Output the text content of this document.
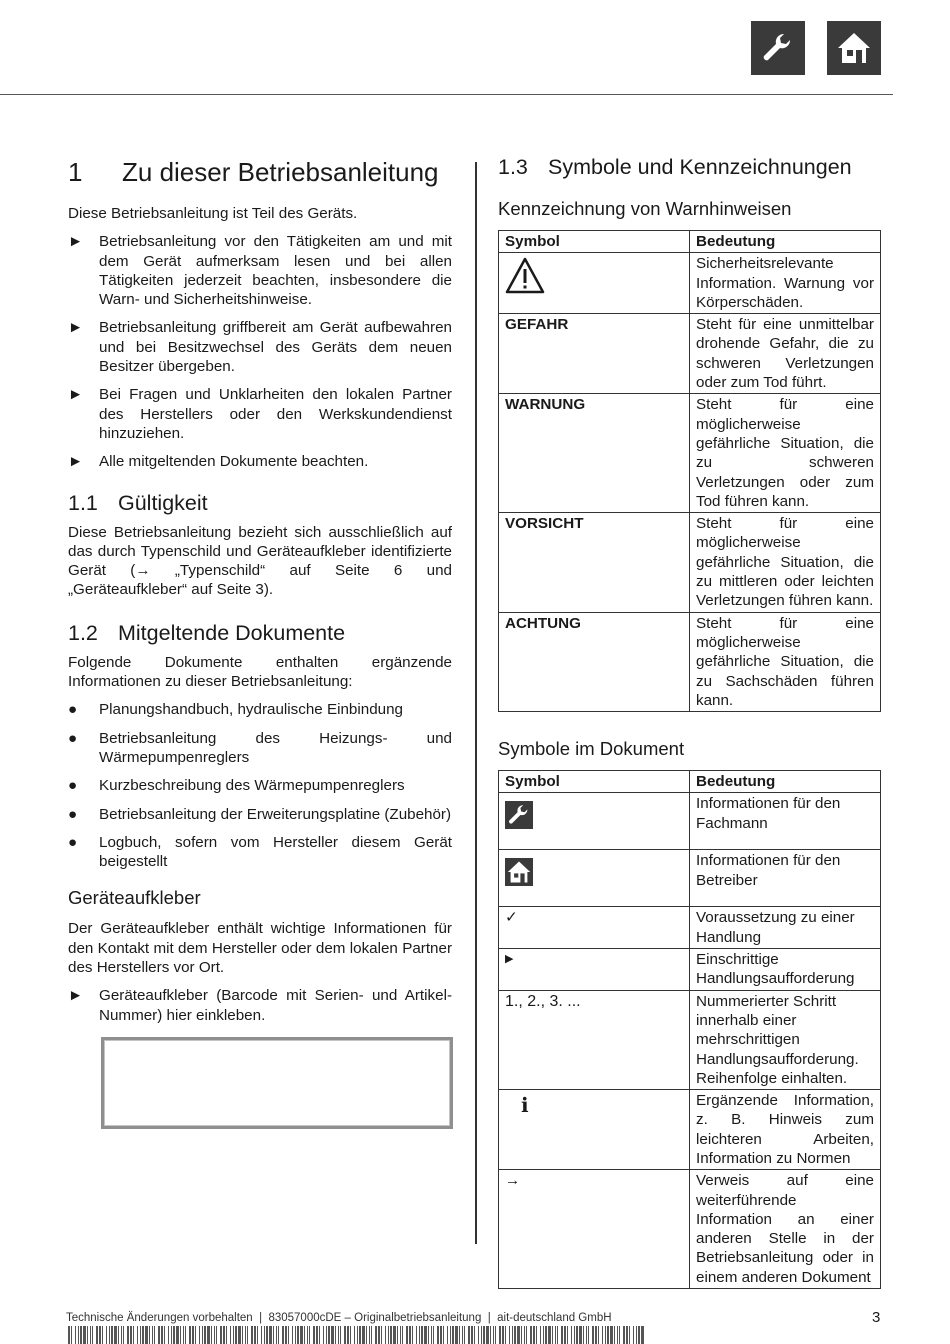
1	Zu dieser Betriebsanleitung

Diese Betriebsanleitung ist Teil des Geräts.

► Betriebsanleitung vor den Tätigkeiten am und mit dem Gerät aufmerksam lesen und bei allen Tätigkeiten jederzeit beachten, insbesondere die Warn- und Sicherheitshinweise.
► Betriebsanleitung griffbereit am Gerät aufbewahren und bei Besitzwechsel des Geräts dem neuen Besitzer übergeben.
► Bei Fragen und Unklarheiten den lokalen Partner des Herstellers oder den Werkskundendienst hinzuziehen.
► Alle mitgeltenden Dokumente beachten.
1.1 Gültigkeit

Diese Betriebsanleitung bezieht sich ausschließlich auf das durch Typenschild und Geräteaufkleber identifizierte Gerät (→ „Typenschild“ auf Seite 6 und „Geräteaufkleber“ auf Seite 3).

1.2 Mitgeltende Dokumente

Folgende Dokumente enthalten ergänzende Informationen zu dieser Betriebsanleitung:

● Planungshandbuch, hydraulische Einbindung
● Betriebsanleitung des Heizungs- und Wärmepumpenreglers
● Kurzbeschreibung des Wärmepumpenreglers
● Betriebsanleitung der Erweiterungsplatine (Zubehör)
● Logbuch, sofern vom Hersteller diesem Gerät beigestellt
Geräteaufkleber

Der Geräteaufkleber enthält wichtige Informationen für den Kontakt mit dem Hersteller oder dem lokalen Partner des Herstellers vor Ort.

► Geräteaufkleber (Barcode mit Serien- und Artikel-Nummer) hier einkleben.
1.3 Symbole und Kennzeichnungen
Kennzeichnung von Warnhinweisen
Symbol	Bedeutung
	Sicherheitsrelevante Information. Warnung vor Körperschäden.
GEFAHR	Steht für eine unmittelbar drohende Gefahr, die zu schweren Verletzungen oder zum Tod führt.
WARNUNG	Steht für eine möglicherweise gefährliche Situation, die zu schweren Verletzungen oder zum Tod führen kann.
VORSICHT	Steht für eine möglicherweise gefährliche Situation, die zu mittleren oder leichten Verletzungen führen kann.
ACHTUNG	Steht für eine möglicherweise gefährliche Situation, die zu Sachschäden führen kann.
Symbole im Dokument
Symbol	Bedeutung
	Informationen für den Fachmann
	Informationen für den Betreiber
✓	Voraussetzung zu einer Handlung
▶	Einschrittige Handlungsaufforderung
1., 2., 3. ...	Nummerierter Schritt innerhalb einer mehrschrittigen Handlungsaufforderung. Reihenfolge einhalten.
ℹ	Ergänzende Information, z. B. Hinweis zum leichteren Arbeiten, Information zu Normen
→	Verweis auf eine weiterführende Information an einer anderen Stelle in der Betriebsanleitung oder in einem anderen Dokument
Technische Änderungen vorbehalten  |  83057000cDE – Originalbetriebsanleitung  |  ait-deutschland GmbH	3
